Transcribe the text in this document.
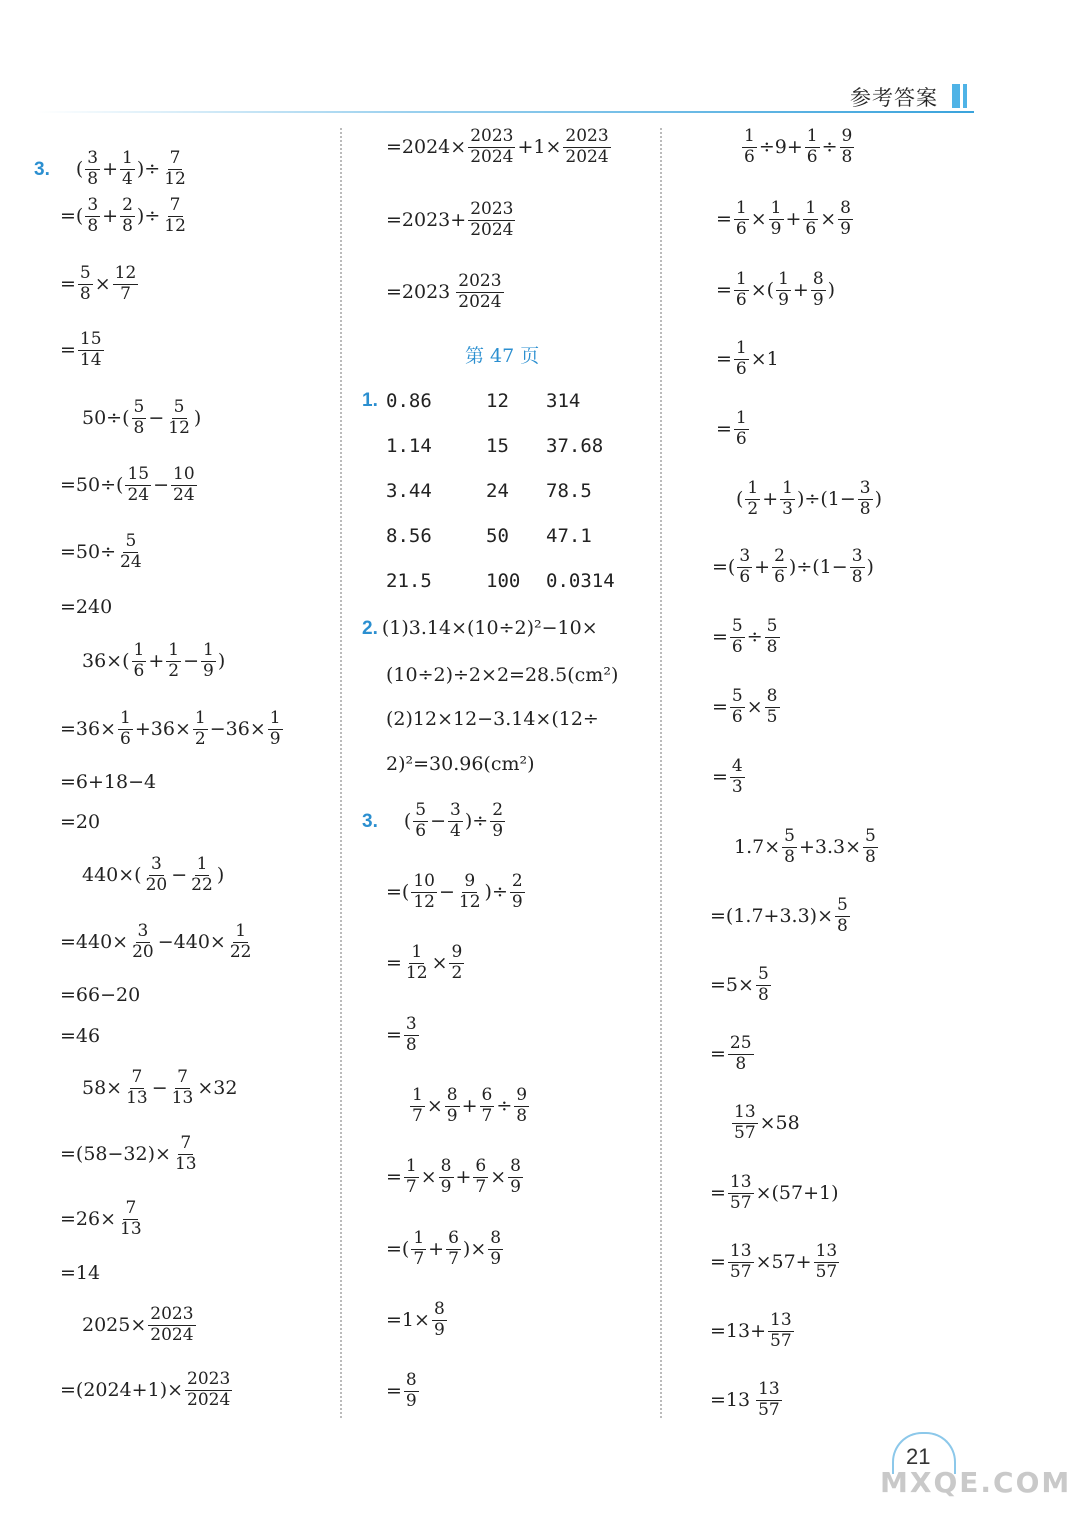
参考答案
3. ( $\frac{3}{8} + \frac{1}{4}$ )÷ $\frac{7}{12}$
=( $\frac{3}{8} + \frac{2}{8}$ )÷ $\frac{7}{12}$
= $\frac{5}{8} \times \frac{12}{7}$
= $\frac{15}{14}$
$50\div( \frac{5}{8} - \frac{5}{12}$ )
$=50\div( \frac{15}{24} - \frac{10}{24}$
$=50\div \frac{5}{24}$
=240
$36\times( \frac{1}{6} + \frac{1}{2} - \frac{1}{9}$ )
$=36\times \frac{1}{6} +36\times \frac{1}{2} -36\times \frac{1}{9}$
=6+18−4
=20
$440\times( \frac{3}{20} - \frac{1}{22}$ )
$=440\times \frac{3}{20} -440\times \frac{1}{22}$
=66−20
=46
$58\times \frac{7}{13} - \frac{7}{13} \times 32$
$=(58-32)\times \frac{7}{13}$
$=26\times \frac{7}{13}$
=14
$2025\times \frac{2023}{2024}$
$=(2024+1)\times \frac{2023}{2024}$
$=2024\times \frac{2023}{2024} +1\times \frac{2023}{2024}$
$=2023+ \frac{2023}{2024}$
$=2023 \frac{2023}{2024}$
第 47 页
1. 0.86	12	314
1.14	15	37.68
3.44	24	78.5
8.56	50	47.1
21.5	100	0.0314
2. (1)3.14×(10÷2)²−10×
(10÷2)÷2×2=28.5(cm²)
(2)12×12−3.14×(12÷
2)²=30.96(cm²)
3. ( $\frac{5}{6} - \frac{3}{4}$ )÷ $\frac{2}{9}$
=( $\frac{10}{12} - \frac{9}{12}$ )÷ $\frac{2}{9}$
= $\frac{1}{12} \times \frac{9}{2}$
= $\frac{3}{8}$
$\frac{1}{7} \times \frac{8}{9} + \frac{6}{7} \div \frac{9}{8}$
= $\frac{1}{7} \times \frac{8}{9} + \frac{6}{7} \times \frac{8}{9}$
=( $\frac{1}{7} + \frac{6}{7}$ )× $\frac{8}{9}$
$=1\times \frac{8}{9}$
= $\frac{8}{9}$
$\frac{1}{6} \div 9+ \frac{1}{6} \div \frac{9}{8}$
= $\frac{1}{6} \times \frac{1}{9} + \frac{1}{6} \times \frac{8}{9}$
= $\frac{1}{6}$ ×( $\frac{1}{9} + \frac{8}{9}$ )
= $\frac{1}{6} \times 1$
= $\frac{1}{6}$
( $\frac{1}{2} + \frac{1}{3} )\div(1- \frac{3}{8}$ )
=( $\frac{3}{6} + \frac{2}{6} )\div(1- \frac{3}{8}$ )
= $\frac{5}{6} \div \frac{5}{8}$
= $\frac{5}{6} \times \frac{8}{5}$
= $\frac{4}{3}$
$1.7\times \frac{5}{8} +3.3\times \frac{5}{8}$
$=(1.7+3.3)\times \frac{5}{8}$
$=5\times \frac{5}{8}$
= $\frac{25}{8}$
$\frac{13}{57} \times 58$
= $\frac{13}{57} \times(57+1)$
= $\frac{13}{57} \times 57+ \frac{13}{57}$
$=13+ \frac{13}{57}$
$=13 \frac{13}{57}$
21
MXQE.COM
